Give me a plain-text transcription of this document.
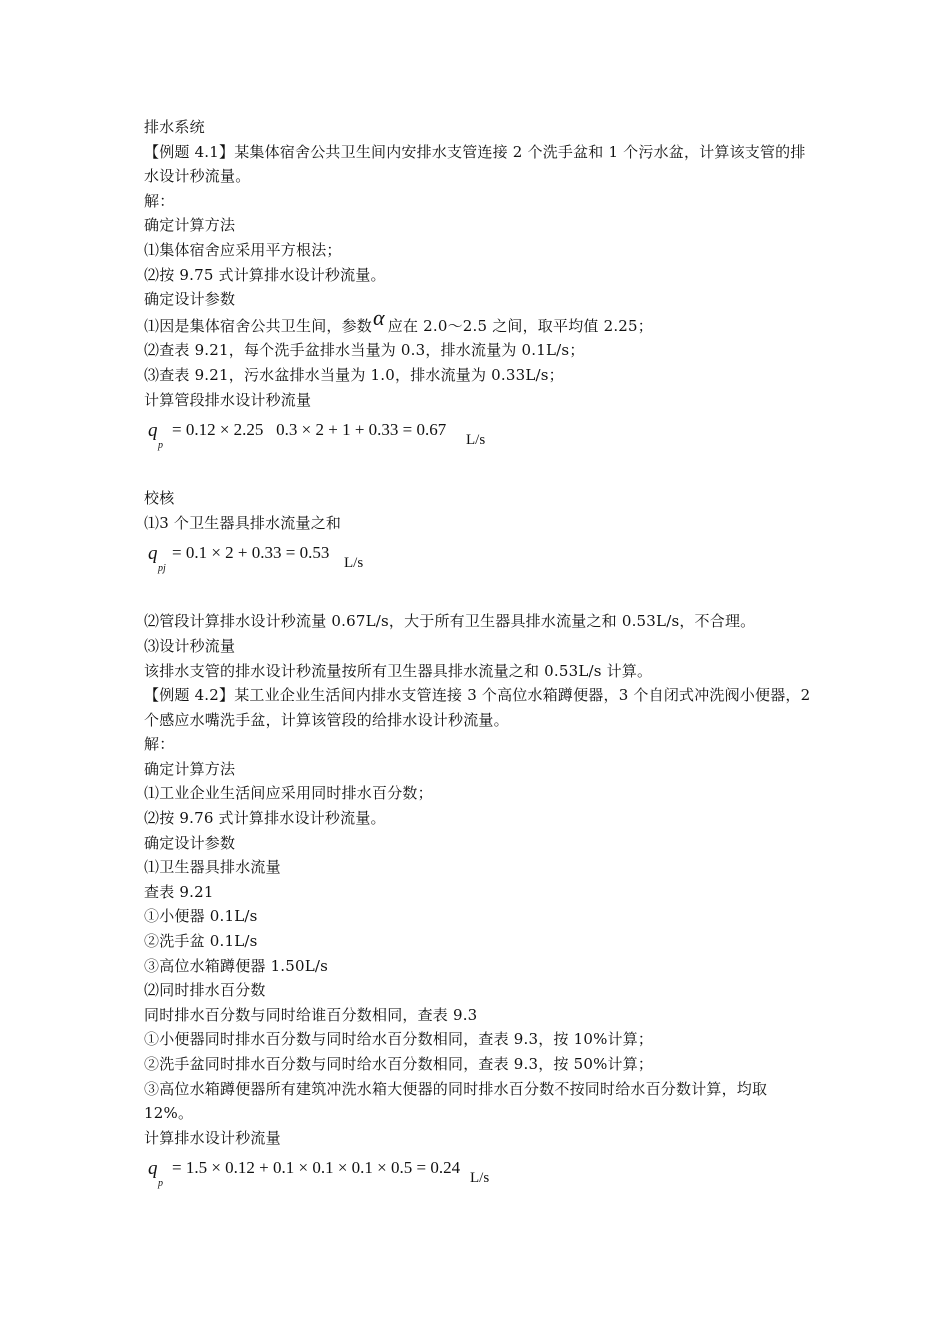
排水系统
【例题 4.1】某集体宿舍公共卫生间内安排水支管连接 2 个洗手盆和 1 个污水盆，计算该支管的排水设计秒流量。
解：
确定计算方法
⑴集体宿舍应采用平方根法；
⑵按 9.75 式计算排水设计秒流量。
确定设计参数
⑴因是集体宿舍公共卫生间，参数α 应在 2.0～2.5 之间，取平均值 2.25；
⑵查表 9.21，每个洗手盆排水当量为 0.3，排水流量为 0.1L/s；
⑶查表 9.21，污水盆排水当量为 1.0，排水流量为 0.33L/s；
计算管段排水设计秒流量
q
p
= 0.12 × 2.25   0.3 × 2 + 1 + 0.33 = 0.67
L/s
校核
⑴3 个卫生器具排水流量之和
q
pj
= 0.1 × 2 + 0.33 = 0.53
L/s
⑵管段计算排水设计秒流量 0.67L/s，大于所有卫生器具排水流量之和 0.53L/s，不合理。
⑶设计秒流量
该排水支管的排水设计秒流量按所有卫生器具排水流量之和 0.53L/s 计算。
【例题 4.2】某工业企业生活间内排水支管连接 3 个高位水箱蹲便器，3 个自闭式冲洗阀小便器，2 个感应水嘴洗手盆，计算该管段的给排水设计秒流量。
解：
确定计算方法
⑴工业企业生活间应采用同时排水百分数；
⑵按 9.76 式计算排水设计秒流量。
确定设计参数
⑴卫生器具排水流量
查表 9.21
①小便器 0.1L/s
②洗手盆 0.1L/s
③高位水箱蹲便器 1.50L/s
⑵同时排水百分数
同时排水百分数与同时给谁百分数相同，查表 9.3
①小便器同时排水百分数与同时给水百分数相同，查表 9.3，按 10%计算；
②洗手盆同时排水百分数与同时给水百分数相同，查表 9.3，按 50%计算；
③高位水箱蹲便器所有建筑冲洗水箱大便器的同时排水百分数不按同时给水百分数计算，均取 12%。
计算排水设计秒流量
q
p
= 1.5 × 0.12 + 0.1 × 0.1 × 0.1 × 0.5 = 0.24
L/s
